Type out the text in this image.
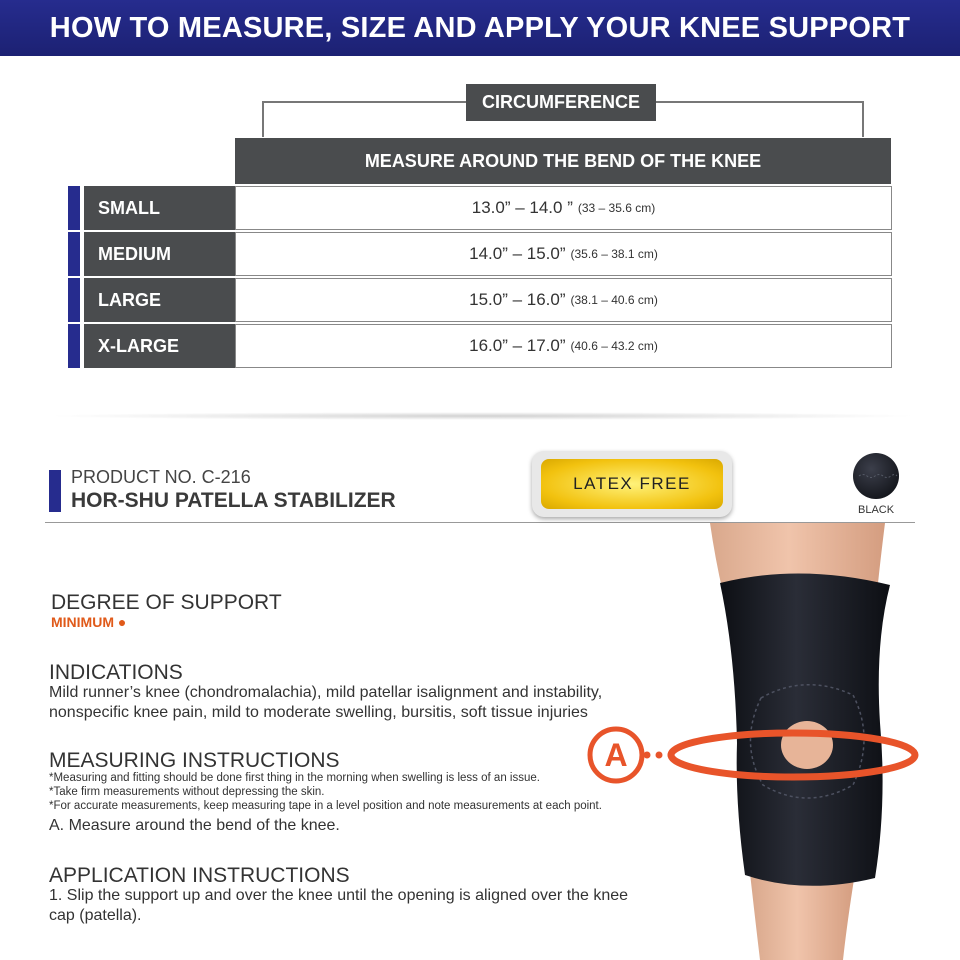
HOW TO MEASURE, SIZE AND APPLY YOUR KNEE SUPPORT
CIRCUMFERENCE
MEASURE AROUND THE BEND OF THE KNEE
SMALL	13.0” – 14.0 ” (33 – 35.6 cm)
MEDIUM	14.0” – 15.0” (35.6 – 38.1 cm)
LARGE	15.0” – 16.0” (38.1 – 40.6 cm)
X-LARGE	16.0” – 17.0” (40.6 – 43.2 cm)
PRODUCT NO. C-216
HOR-SHU PATELLA STABILIZER
LATEX FREE
BLACK
A
DEGREE OF SUPPORT
MINIMUM ●
INDICATIONS
Mild runner’s knee (chondromalachia), mild patellar isalignment and instability,
nonspecific knee pain, mild to moderate swelling, bursitis, soft tissue injuries
MEASURING INSTRUCTIONS
*Measuring and fitting should be done first thing in the morning when swelling is less of an issue.
*Take firm measurements without depressing the skin.
*For accurate measurements, keep measuring tape in a level position and note measurements at each point.
A. Measure around the bend of the knee.
APPLICATION INSTRUCTIONS
1. Slip the support up and over the knee until the opening is aligned over the knee
cap (patella).
